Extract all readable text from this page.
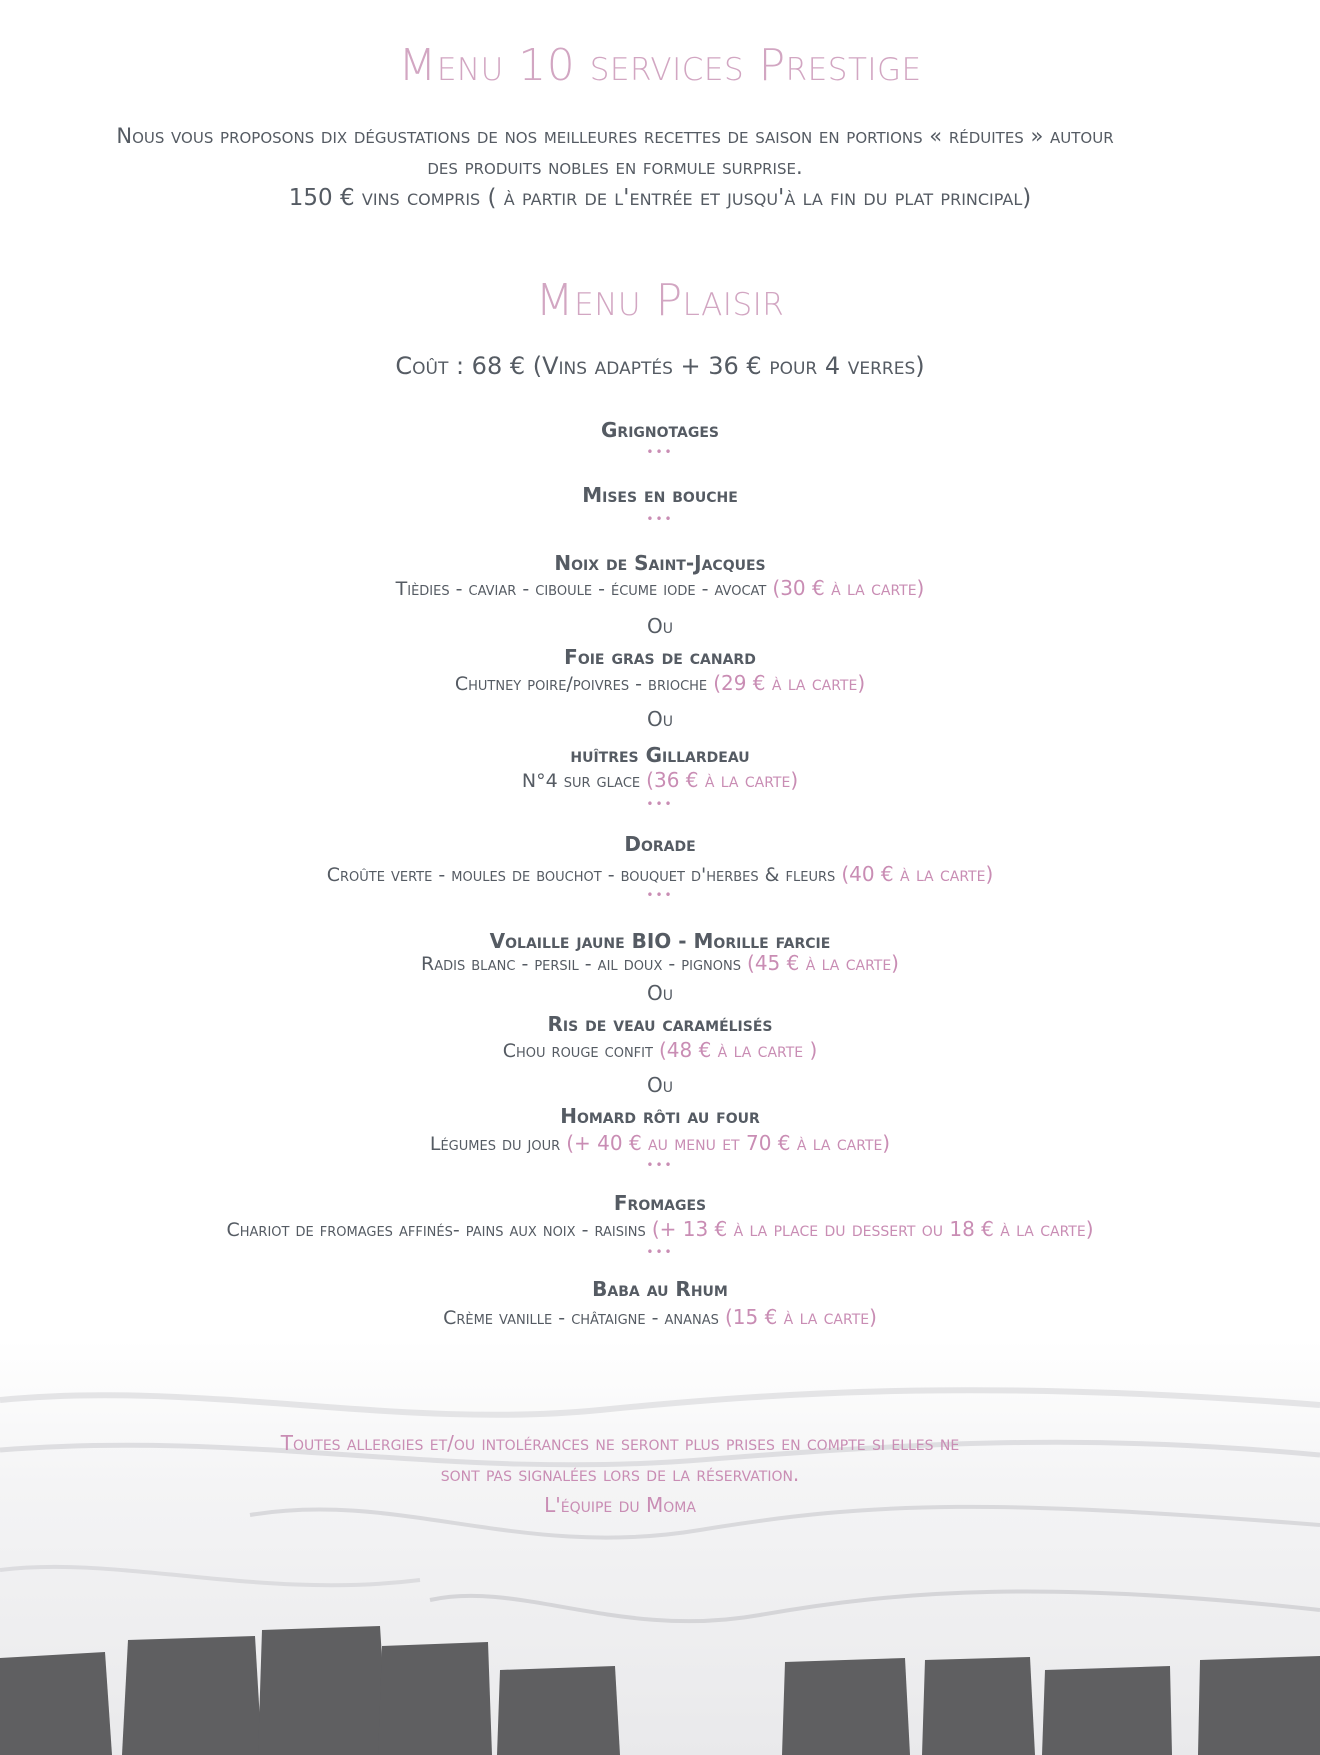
Menu 10 services Prestige
Nous vous proposons dix dégustations de nos meilleures recettes de saison en portions « réduites » autour des produits nobles en formule surprise.
150 € vins compris ( à partir de l'entrée et jusqu'à la fin du plat principal)
Menu Plaisir
Coût : 68 € (Vins adaptés + 36 € pour 4 verres)
Grignotages
•••
Mises en bouche
•••
Noix de Saint-Jacques
Tièdies - caviar - ciboule - écume iode - avocat (30 € à la carte)
Ou
Foie gras de canard
Chutney poire/poivres - brioche (29 € à la carte)
Ou
huîtres Gillardeau
N°4 sur glace (36 € à la carte)
•••
Dorade
Croûte verte - moules de bouchot - bouquet d'herbes & fleurs (40 € à la carte)
•••
Volaille jaune BIO - Morille farcie
Radis blanc - persil - ail doux - pignons (45 € à la carte)
Ou
Ris de veau caramélisés
Chou rouge confit (48 € à la carte )
Ou
Homard rôti au four
Légumes du jour (+ 40 € au menu et 70 € à la carte)
•••
Fromages
Chariot de fromages affinés- pains aux noix - raisins (+ 13 € à la place du dessert ou 18 € à la carte)
•••
Baba au Rhum
Crème vanille - châtaigne - ananas (15 € à la carte)
Toutes allergies et/ou intolérances ne seront plus prises en compte si elles ne
sont pas signalées lors de la réservation.
L'équipe du Moma
